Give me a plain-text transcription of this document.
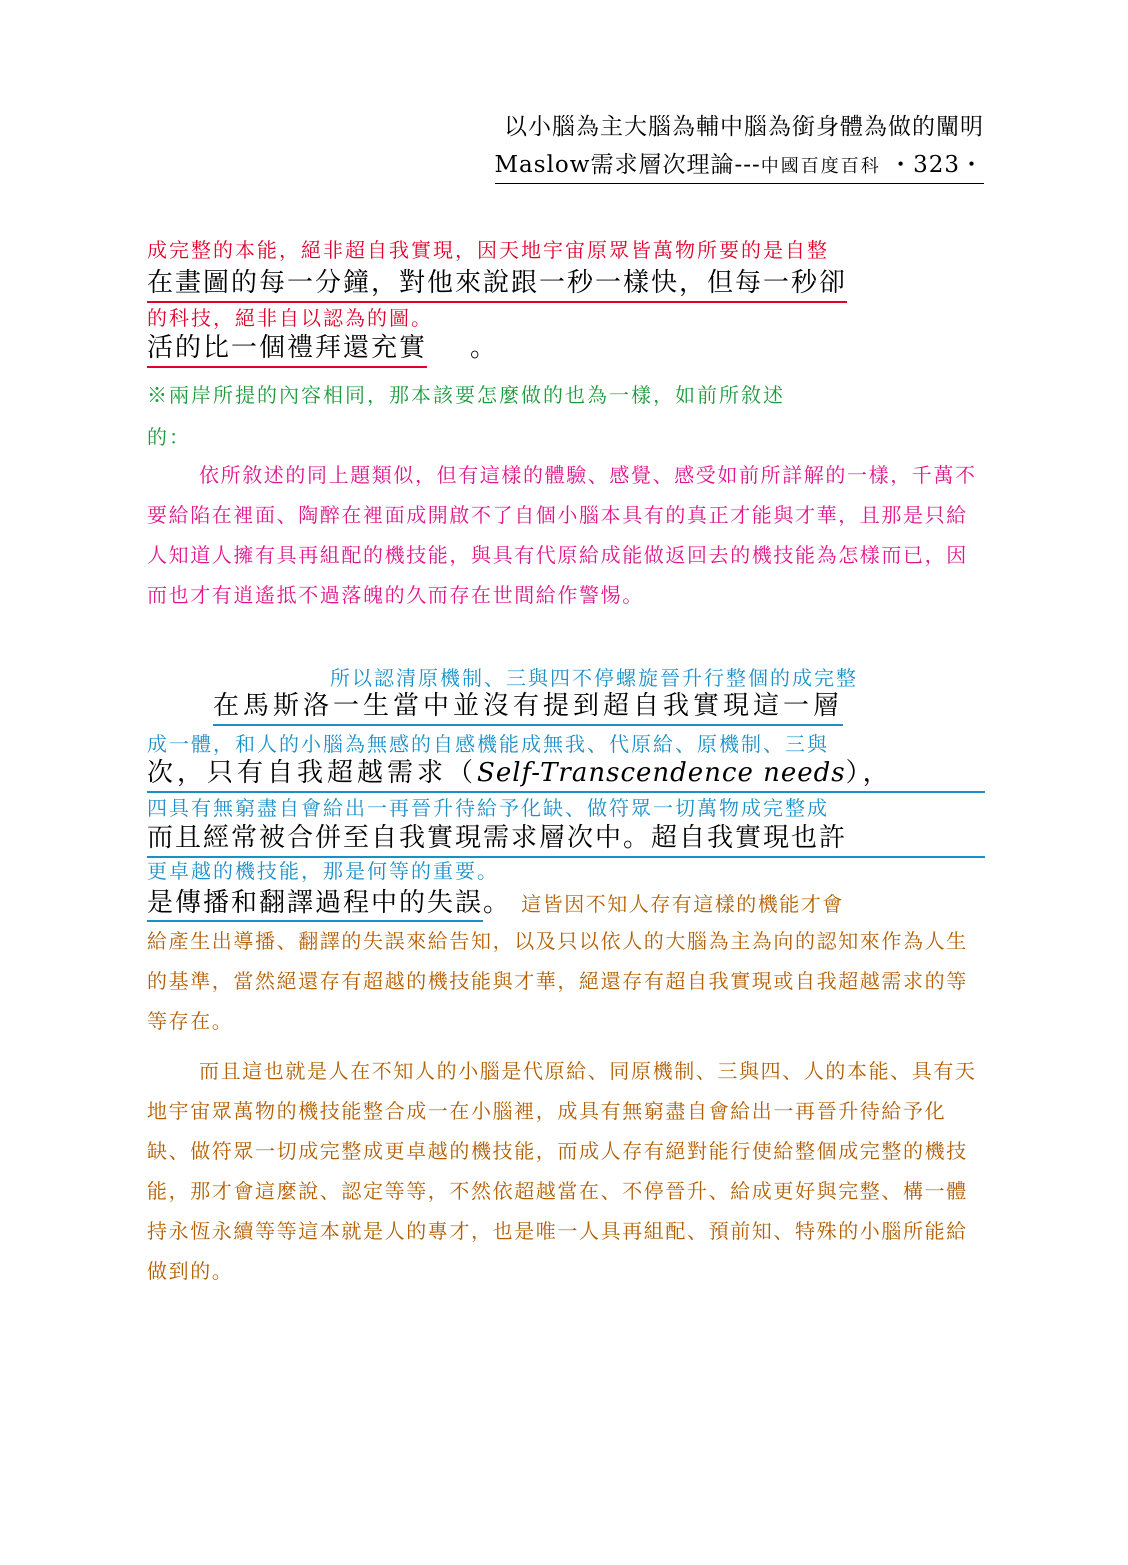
以小腦為主大腦為輔中腦為銜身體為做的闡明
Maslow需求層次理論---中國百度百科 ・323・
成完整的本能，絕非超自我實現，因天地宇宙原眾皆萬物所要的是自整
在畫圖的每一分鐘，對他來說跟一秒一樣快，但每一秒卻
的科技，絕非自以認為的圖。
活的比一個禮拜還充實 。
※兩岸所提的內容相同，那本該要怎麼做的也為一樣，如前所敘述
的：
依所敘述的同上題類似，但有這樣的體驗、感覺、感受如前所詳解的一樣，千萬不要給陷在裡面、陶醉在裡面成開啟不了自個小腦本具有的真正才能與才華，且那是只給人知道人擁有具再組配的機技能，與具有代原給成能做返回去的機技能為怎樣而已，因而也才有逍遙抵不過落魄的久而存在世間給作警惕。
所以認清原機制、三與四不停螺旋晉升行整個的成完整
在馬斯洛一生當中並沒有提到超自我實現這一層
成一體，和人的小腦為無感的自感機能成無我、代原給、原機制、三與
次，只有自我超越需求（Self-Transcendence needs），
四具有無窮盡自會給出一再晉升待給予化缺、做符眾一切萬物成完整成
而且經常被合併至自我實現需求層次中。超自我實現也許
更卓越的機技能，那是何等的重要。
是傳播和翻譯過程中的失誤。 這皆因不知人存有這樣的機能才會
給產生出導播、翻譯的失誤來給告知，以及只以依人的大腦為主為向的認知來作為人生的基準，當然絕還存有超越的機技能與才華，絕還存有超自我實現或自我超越需求的等等存在。
而且這也就是人在不知人的小腦是代原給、同原機制、三與四、人的本能、具有天地宇宙眾萬物的機技能整合成一在小腦裡，成具有無窮盡自會給出一再晉升待給予化缺、做符眾一切成完整成更卓越的機技能，而成人存有絕對能行使給整個成完整的機技能，那才會這麼說、認定等等，不然依超越當在、不停晉升、給成更好與完整、構一體持永恆永續等等這本就是人的專才，也是唯一人具再組配、預前知、特殊的小腦所能給做到的。
